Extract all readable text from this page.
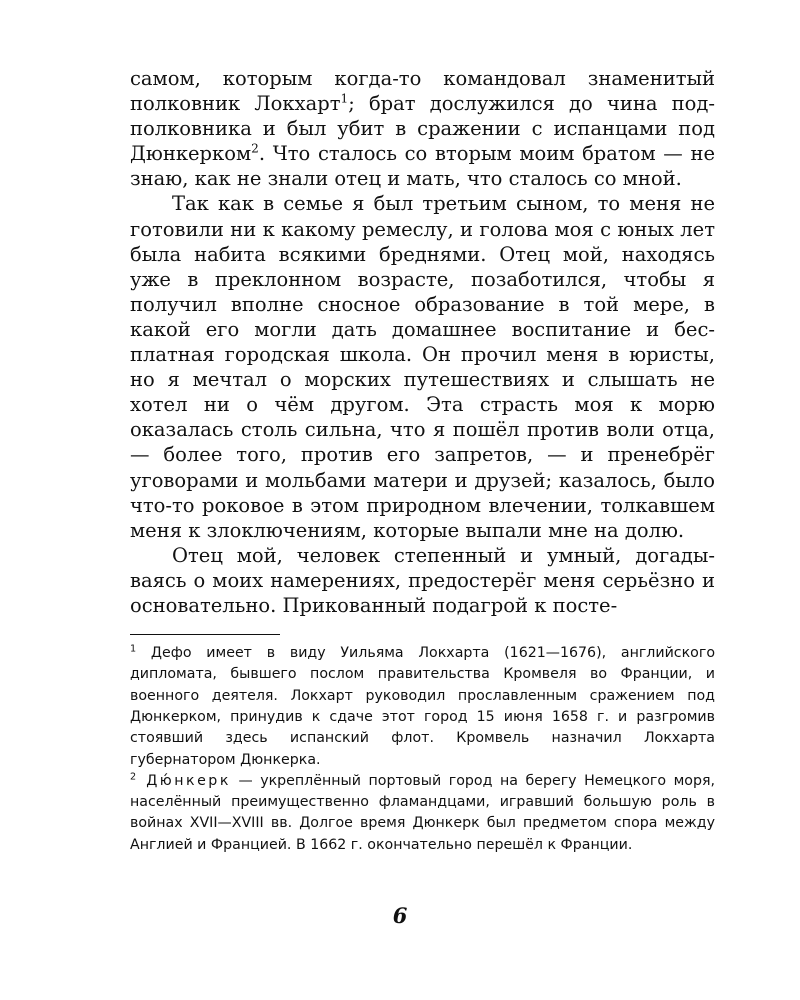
самом, которым когда-то командовал знаменитый полковник Локхарт$^1$; брат дослужился до чина подполковника и был убит в сражении с испанцами под Дюнкерком$^2$. Что сталось со вторым моим братом — не знаю, как не знали отец и мать, что сталось со мной.

Так как в семье я был третьим сыном, то меня не готовили ни к какому ремеслу, и голова моя с юных лет была набита всякими бреднями. Отец мой, находясь уже в преклонном возрасте, позаботился, чтобы я получил вполне сносное образование в той мере, в какой его могли дать домашнее воспитание и бесплатная городская школа. Он прочил меня в юристы, но я мечтал о морских путешествиях и слышать не хотел ни о чём другом. Эта страсть моя к морю оказалась столь сильна, что я пошёл против воли отца, — более того, против его запретов, — и пренебрёг уговорами и мольбами матери и друзей; казалось, было что-то роковое в этом природном влечении, толкавшем меня к злоключениям, которые выпали мне на долю.

Отец мой, человек степенный и умный, догадываясь о моих намерениях, предостерёг меня серьёзно и основательно. Прикованный подагрой к посте-

$^1$ Дефо имеет в виду Уильяма Локхарта (1621—1676), английского дипломата, бывшего послом правительства Кромвеля во Франции, и военного деятеля. Локхарт руководил прославленным сражением под Дюнкерком, принудив к сдаче этот город 15 июня 1658 г. и разгромив стоявший здесь испанский флот. Кромвель назначил Локхарта губернатором Дюнкерка.

$^2$ Дю́нкерк — укреплённый портовый город на берегу Немецкого моря, населённый преимущественно фламандцами, игравший большую роль в войнах XVII—XVIII вв. Долгое время Дюнкерк был предметом спора между Англией и Францией. В 1662 г. окончательно перешёл к Франции.

6
